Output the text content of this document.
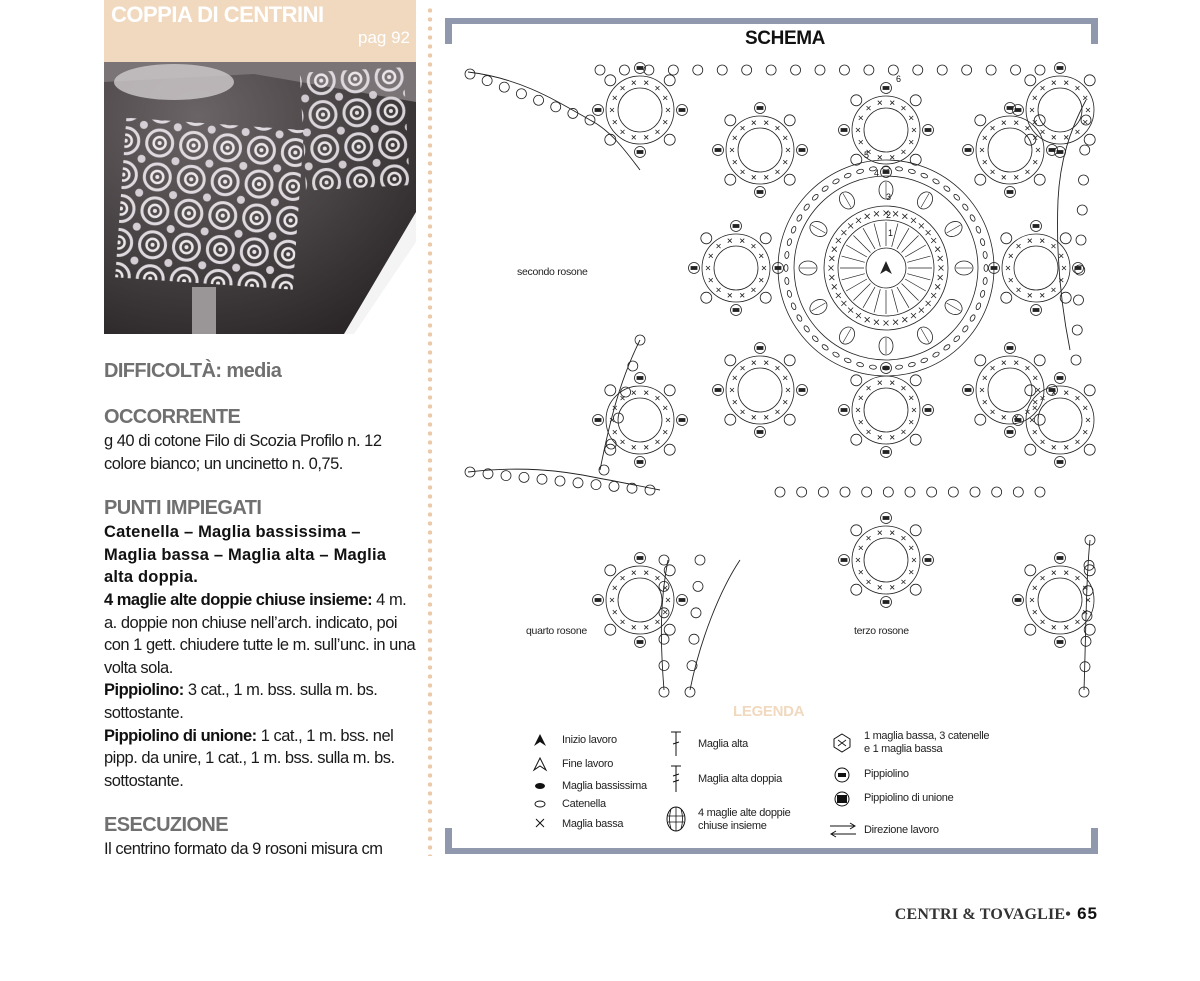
COPPIA DI CENTRINI
pag 92
DIFFICOLTÀ: media
OCCORRENTE

g 40 di cotone Filo di Scozia Profilo n. 12 colore bianco; un uncinetto n. 0,75.

PUNTI IMPIEGATI

Catenella – Maglia bassissima – Maglia bassa – Maglia alta – Maglia alta doppia.

4 maglie alte doppie chiuse insieme: 4 m. a. doppie non chiuse nell’arch. indicato, poi con 1 gett. chiudere tutte le m. sull’unc. in una volta sola.

Pippiolino: 3 cat., 1 m. bss. sulla m. bs. sottostante.

Pippiolino di unione: 1 cat., 1 m. bss. nel pipp. da unire, 1 cat., 1 m. bss. sulla m. bs. sottostante.

ESECUZIONE

Il centrino formato da 9 rosoni misura cm

SCHEMA
1
2
3
4
5
6
secondo rosone
quarto rosone	terzo rosone
LEGENDA
Inizio lavoro
Fine lavoro
Maglia bassissima
Catenella
Maglia bassa
Maglia alta
Maglia alta doppia
4 maglie alte doppie chiuse insieme
1 maglia bassa, 3 catenelle e 1 maglia bassa
Pippiolino
Pippiolino di unione
Direzione lavoro
CENTRI & TOVAGLIE• 65
